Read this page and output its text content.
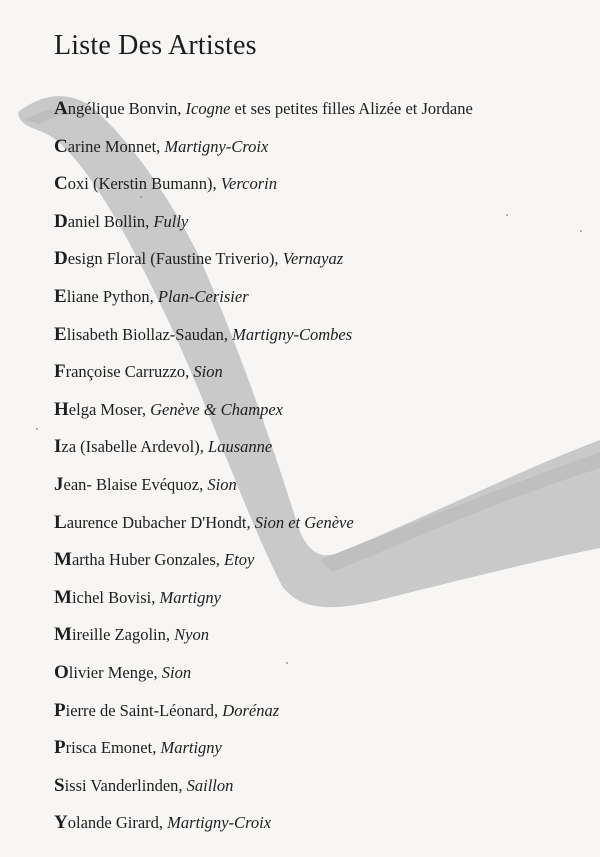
Liste Des Artistes
Angélique Bonvin, Icogne et ses petites filles Alizée et Jordane
Carine Monnet, Martigny-Croix
Coxi (Kerstin Bumann), Vercorin
Daniel Bollin, Fully
Design Floral (Faustine Triverio), Vernayaz
Eliane Python, Plan-Cerisier
Elisabeth Biollaz-Saudan, Martigny-Combes
Françoise Carruzzo, Sion
Helga Moser, Genève & Champex
Iza (Isabelle Ardevol), Lausanne
Jean- Blaise Evéquoz, Sion
Laurence Dubacher D'Hondt, Sion et Genève
Martha Huber Gonzales, Etoy
Michel Bovisi, Martigny
Mireille Zagolin, Nyon
Olivier Menge, Sion
Pierre de Saint-Léonard, Dorénaz
Prisca Emonet, Martigny
Sissi Vanderlinden, Saillon
Yolande Girard, Martigny-Croix
